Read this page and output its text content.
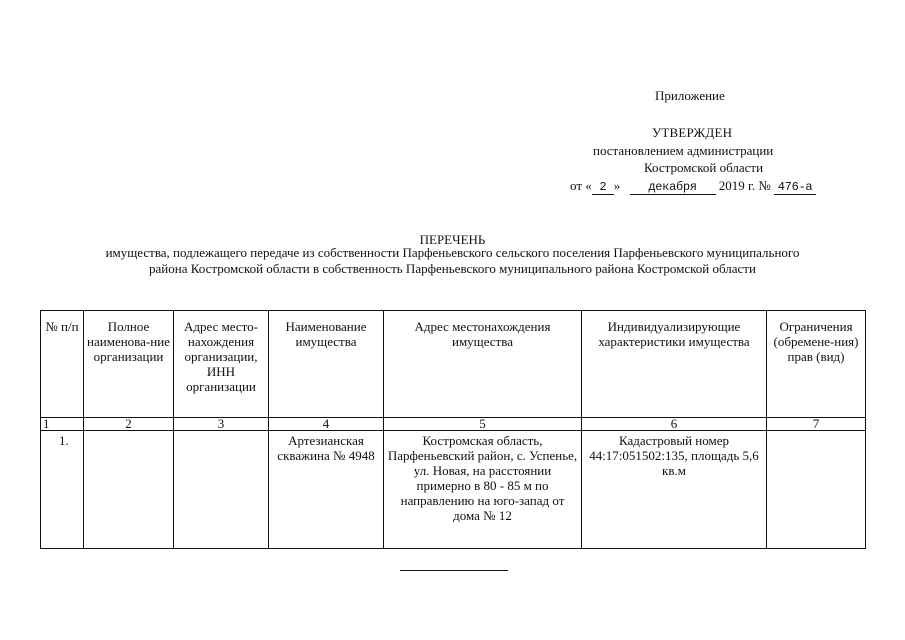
Приложение
УТВЕРЖДЕН
постановлением администрации
Костромской области
от « 2 » декабря 2019 г. № 476-а
ПЕРЕЧЕНЬ
имущества, подлежащего передаче из собственности Парфеньевского сельского поселения Парфеньевского муниципального района Костромской области в собственность Парфеньевского муниципального района Костромской области
№ п/п	Полное наименова-ние организации	Адрес место-нахождения организации, ИНН организации	Наименование имущества	Адрес местонахождения имущества	Индивидуализирующие характеристики имущества	Ограничения (обремене-ния) прав (вид)
1	2	3	4	5	6	7
1.			Артезианская скважина № 4948	Костромская область, Парфеньевский район, с. Успенье, ул. Новая, на расстоянии примерно в 80 - 85 м по направлению на юго-запад от дома № 12	Кадастровый номер 44:17:051502:135, площадь 5,6 кв.м	
